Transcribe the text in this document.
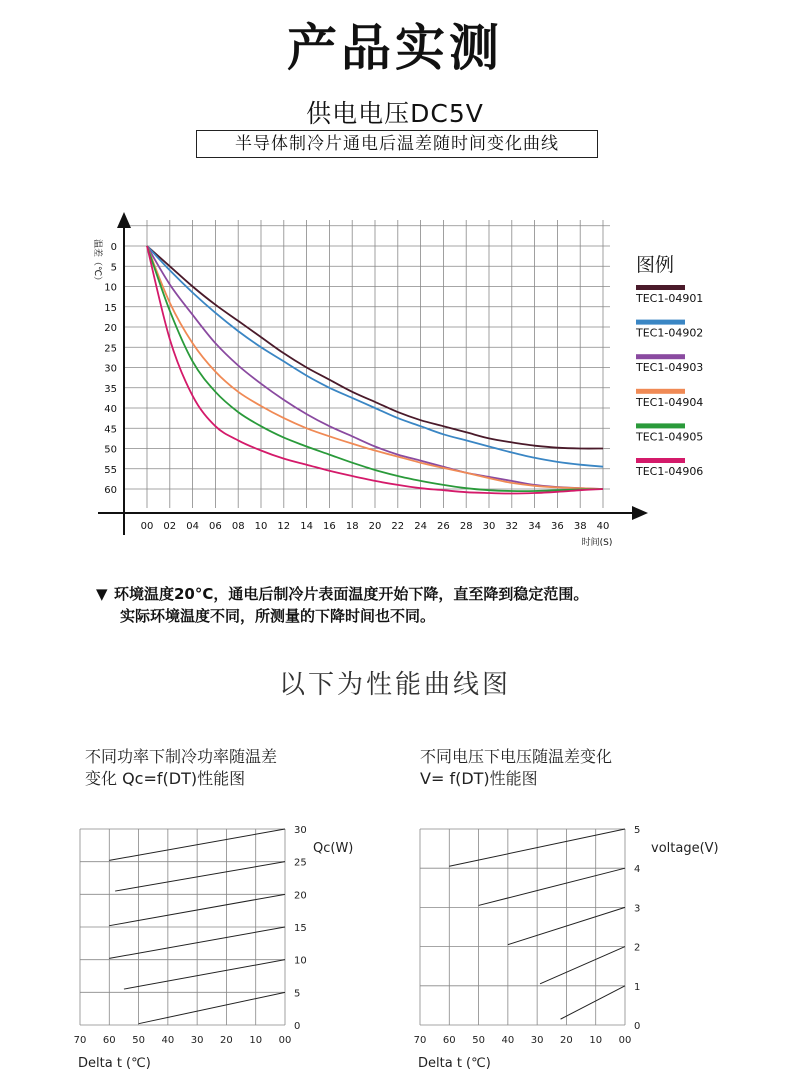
产品实测
供电电压DC5V
半导体制冷片通电后温差随时间变化曲线
00 02 04 06 08 10 12 14 16 18 20 22 24 26 28 30 32 34 36 38 40
0
5
10
15
20
25
30
35
40
45
50
55
60
时间(S)
温差（℃）	图例
TEC1-04901
TEC1-04902
TEC1-04903
TEC1-04904
TEC1-04905
TEC1-04906
▼ 环境温度20°C，通电后制冷片表面温度开始下降，直至降到稳定范围。
实际环境温度不同，所测量的下降时间也不同。
以下为性能曲线图
不同功率下制冷功率随温差
变化 Qc=f(DT)性能图
不同电压下电压随温差变化
V= f(DT)性能图
70 60 50 40 30 20 10 00
0
5
10
15
20
25
30
Qc(W)
Delta t (℃)
70 60 50 40 30 20 10 00
0
1
2
3
4
5
voltage(V)
Delta t (℃)
